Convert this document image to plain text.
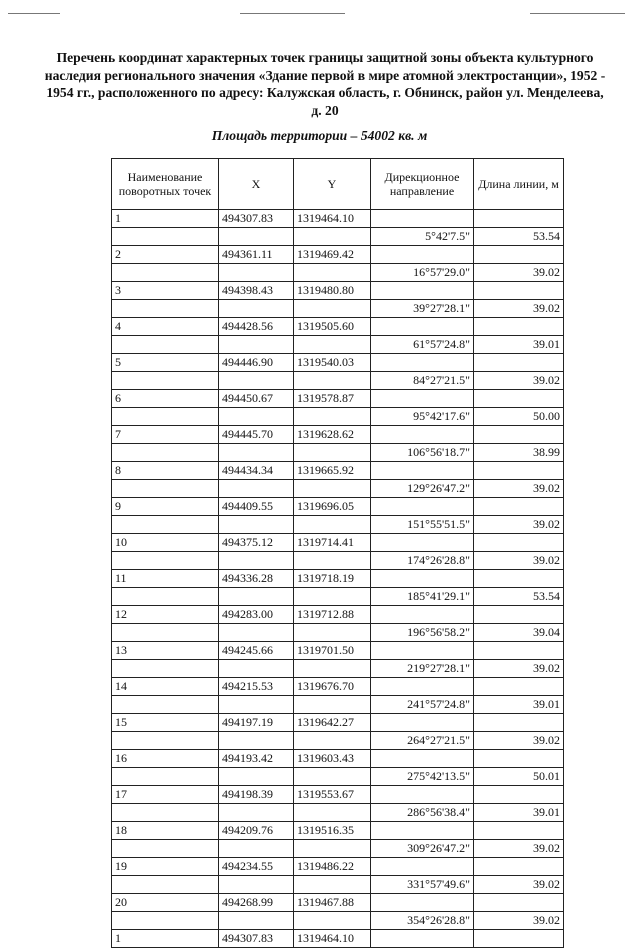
Перечень координат характерных точек границы защитной зоны объекта культурного наследия регионального значения «Здание первой в мире атомной электростанции», 1952 - 1954 гг., расположенного по адресу: Калужская область, г. Обнинск, район ул. Менделеева, д. 20
Площадь территории – 54002 кв. м
Наименование поворотных точек	X	Y	Дирекционное направление	Длина линии, м
1	494307.83	1319464.10		
			5°42'7.5"	53.54
2	494361.11	1319469.42		
			16°57'29.0"	39.02
3	494398.43	1319480.80		
			39°27'28.1"	39.02
4	494428.56	1319505.60		
			61°57'24.8"	39.01
5	494446.90	1319540.03		
			84°27'21.5"	39.02
6	494450.67	1319578.87		
			95°42'17.6"	50.00
7	494445.70	1319628.62		
			106°56'18.7"	38.99
8	494434.34	1319665.92		
			129°26'47.2"	39.02
9	494409.55	1319696.05		
			151°55'51.5"	39.02
10	494375.12	1319714.41		
			174°26'28.8"	39.02
11	494336.28	1319718.19		
			185°41'29.1"	53.54
12	494283.00	1319712.88		
			196°56'58.2"	39.04
13	494245.66	1319701.50		
			219°27'28.1"	39.02
14	494215.53	1319676.70		
			241°57'24.8"	39.01
15	494197.19	1319642.27		
			264°27'21.5"	39.02
16	494193.42	1319603.43		
			275°42'13.5"	50.01
17	494198.39	1319553.67		
			286°56'38.4"	39.01
18	494209.76	1319516.35		
			309°26'47.2"	39.02
19	494234.55	1319486.22		
			331°57'49.6"	39.02
20	494268.99	1319467.88		
			354°26'28.8"	39.02
1	494307.83	1319464.10		
